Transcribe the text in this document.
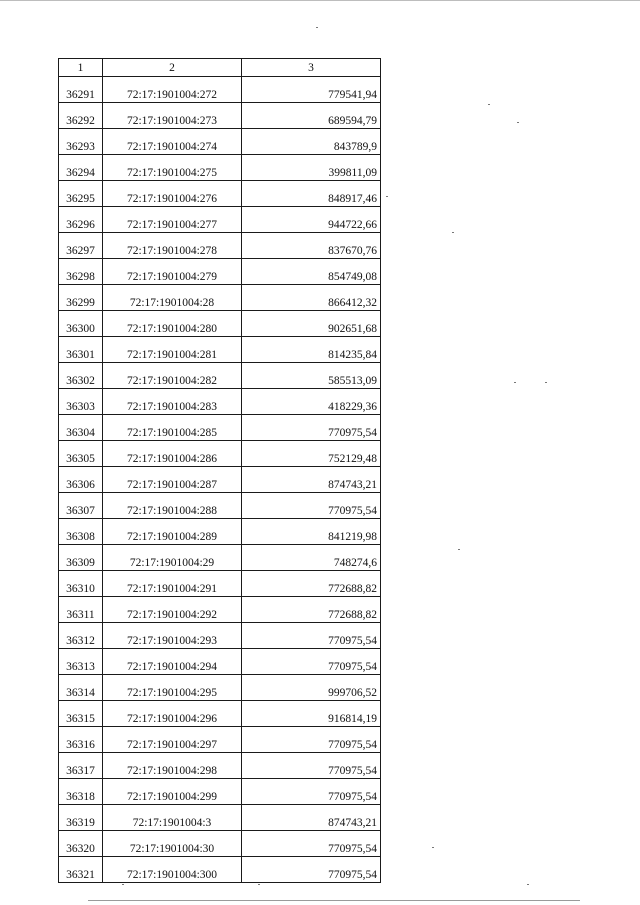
1	2	3
36291	72:17:1901004:272	779541,94
36292	72:17:1901004:273	689594,79
36293	72:17:1901004:274	843789,9
36294	72:17:1901004:275	399811,09
36295	72:17:1901004:276	848917,46
36296	72:17:1901004:277	944722,66
36297	72:17:1901004:278	837670,76
36298	72:17:1901004:279	854749,08
36299	72:17:1901004:28	866412,32
36300	72:17:1901004:280	902651,68
36301	72:17:1901004:281	814235,84
36302	72:17:1901004:282	585513,09
36303	72:17:1901004:283	418229,36
36304	72:17:1901004:285	770975,54
36305	72:17:1901004:286	752129,48
36306	72:17:1901004:287	874743,21
36307	72:17:1901004:288	770975,54
36308	72:17:1901004:289	841219,98
36309	72:17:1901004:29	748274,6
36310	72:17:1901004:291	772688,82
36311	72:17:1901004:292	772688,82
36312	72:17:1901004:293	770975,54
36313	72:17:1901004:294	770975,54
36314	72:17:1901004:295	999706,52
36315	72:17:1901004:296	916814,19
36316	72:17:1901004:297	770975,54
36317	72:17:1901004:298	770975,54
36318	72:17:1901004:299	770975,54
36319	72:17:1901004:3	874743,21
36320	72:17:1901004:30	770975,54
36321	72:17:1901004:300	770975,54
